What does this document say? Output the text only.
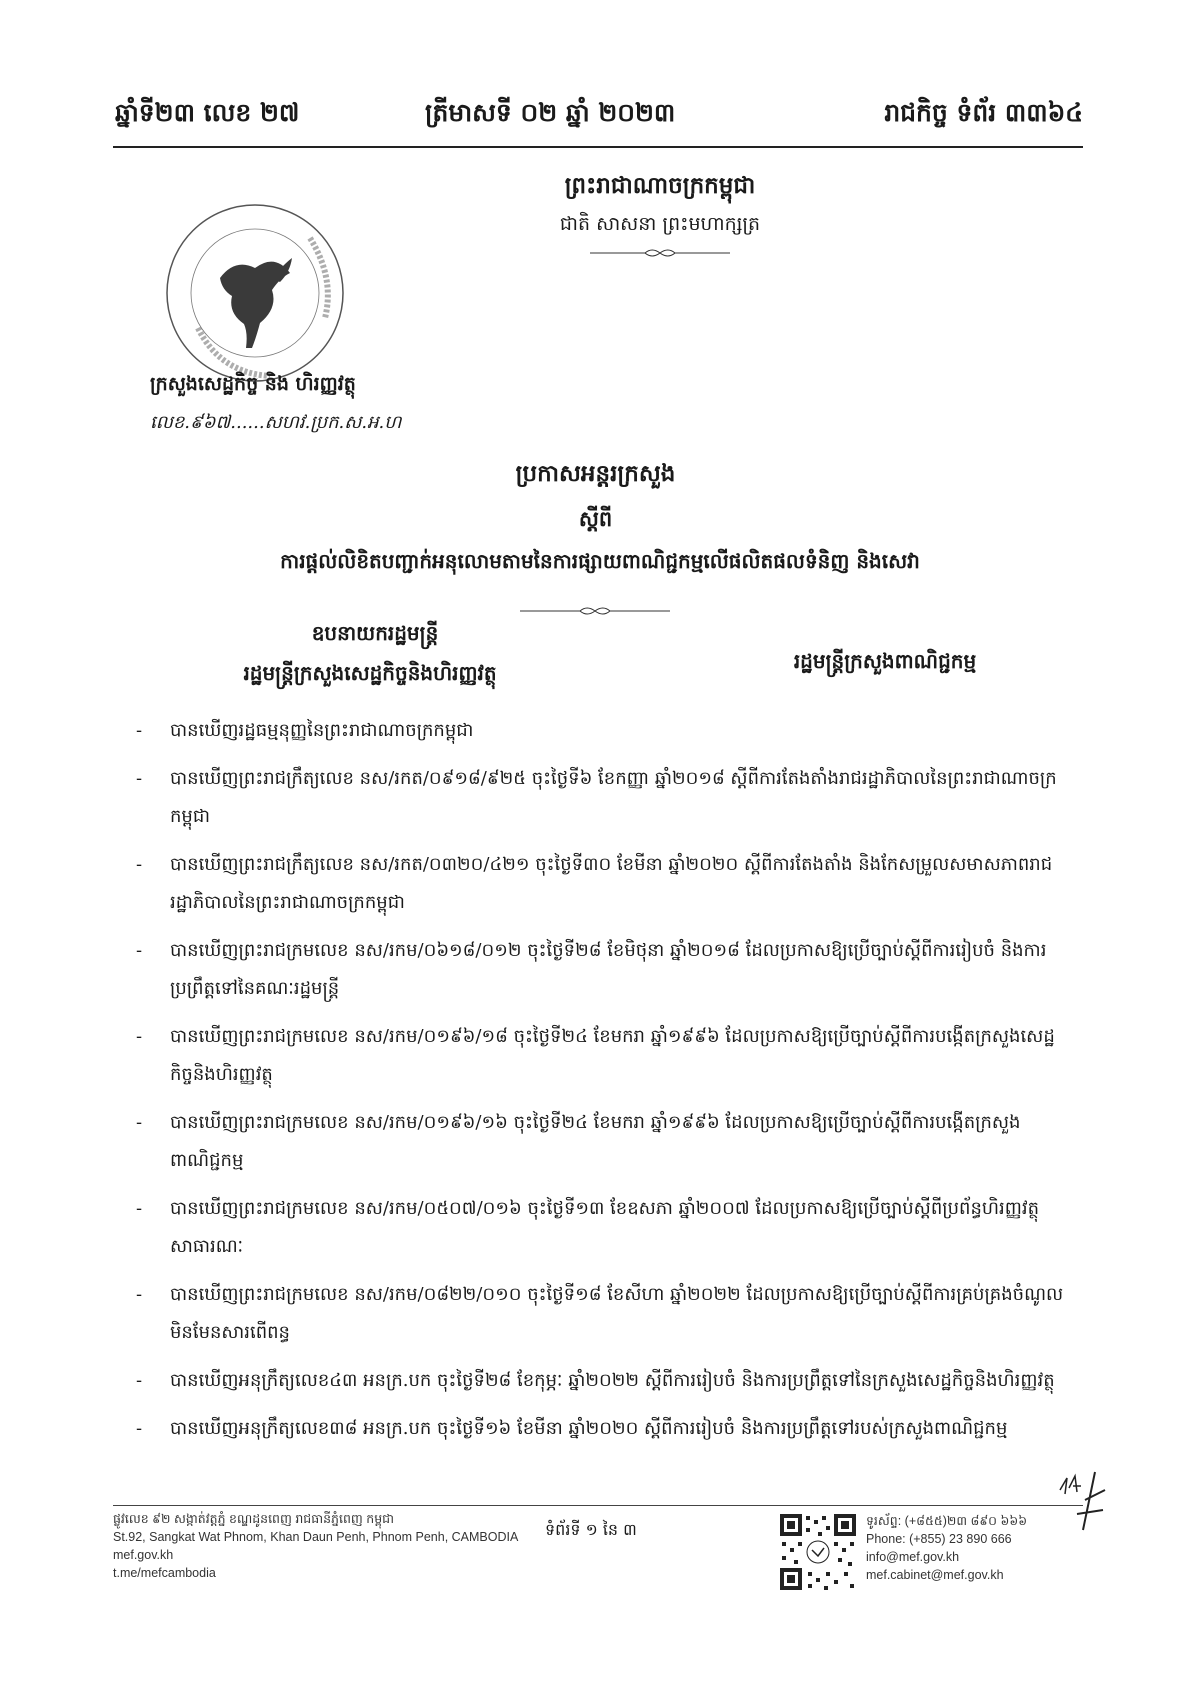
ឆ្នាំទី២៣ លេខ ២៧	ត្រីមាសទី ០២ ឆ្នាំ ២០២៣	រាជកិច្ច ទំព័រ ៣៣៦៤
ព្រះរាជាណាចក្រកម្ពុជា
ជាតិ សាសនា ព្រះមហាក្សត្រ
ក្រសួងសេដ្ឋកិច្ច និង ហិរញ្ញវត្ថុ
លេខ.៩៦៧......សហវ.ប្រក.ស.អ.ហ
ប្រកាសអន្តរក្រសួង
ស្តីពី
ការផ្តល់លិខិតបញ្ជាក់អនុលោមតាមនៃការផ្សាយពាណិជ្ជកម្មលើផលិតផលទំនិញ និងសេវា
ឧបនាយករដ្ឋមន្ត្រី
រដ្ឋមន្ត្រីក្រសួងសេដ្ឋកិច្ចនិងហិរញ្ញវត្ថុ	រដ្ឋមន្ត្រីក្រសួងពាណិជ្ជកម្ម
- បានឃើញរដ្ឋធម្មនុញ្ញនៃព្រះរាជាណាចក្រកម្ពុជា
- បានឃើញព្រះរាជក្រឹត្យលេខ នស/រកត/០៩១៨/៩២៥ ចុះថ្ងៃទី៦ ខែកញ្ញា ឆ្នាំ២០១៨ ស្តីពីការតែងតាំងរាជរដ្ឋាភិបាលនៃព្រះរាជាណាចក្រកម្ពុជា
- បានឃើញព្រះរាជក្រឹត្យលេខ នស/រកត/០៣២០/៤២១ ចុះថ្ងៃទី៣០ ខែមីនា ឆ្នាំ២០២០ ស្តីពីការតែងតាំង និងកែសម្រួលសមាសភាពរាជរដ្ឋាភិបាលនៃព្រះរាជាណាចក្រកម្ពុជា
- បានឃើញព្រះរាជក្រមលេខ នស/រកម/០៦១៨/០១២ ចុះថ្ងៃទី២៨ ខែមិថុនា ឆ្នាំ២០១៨ ដែលប្រកាសឱ្យប្រើច្បាប់ស្តីពីការរៀបចំ និងការប្រព្រឹត្តទៅនៃគណៈរដ្ឋមន្ត្រី
- បានឃើញព្រះរាជក្រមលេខ នស/រកម/០១៩៦/១៨ ចុះថ្ងៃទី២៤ ខែមករា ឆ្នាំ១៩៩៦ ដែលប្រកាសឱ្យប្រើច្បាប់ស្តីពីការបង្កើតក្រសួងសេដ្ឋកិច្ចនិងហិរញ្ញវត្ថុ
- បានឃើញព្រះរាជក្រមលេខ នស/រកម/០១៩៦/១៦ ចុះថ្ងៃទី២៤ ខែមករា ឆ្នាំ១៩៩៦ ដែលប្រកាសឱ្យប្រើច្បាប់ស្តីពីការបង្កើតក្រសួងពាណិជ្ជកម្ម
- បានឃើញព្រះរាជក្រមលេខ នស/រកម/០៥០៧/០១៦ ចុះថ្ងៃទី១៣ ខែឧសភា ឆ្នាំ២០០៧ ដែលប្រកាសឱ្យប្រើច្បាប់ស្តីពីប្រព័ន្ធហិរញ្ញវត្ថុសាធារណៈ
- បានឃើញព្រះរាជក្រមលេខ នស/រកម/០៨២២/០១០ ចុះថ្ងៃទី១៨ ខែសីហា ឆ្នាំ២០២២ ដែលប្រកាសឱ្យប្រើច្បាប់ស្តីពីការគ្រប់គ្រងចំណូលមិនមែនសារពើពន្ធ
- បានឃើញអនុក្រឹត្យលេខ៤៣ អនក្រ.បក ចុះថ្ងៃទី២៨ ខែកុម្ភៈ ឆ្នាំ២០២២ ស្តីពីការរៀបចំ និងការប្រព្រឹត្តទៅនៃក្រសួងសេដ្ឋកិច្ចនិងហិរញ្ញវត្ថុ
- បានឃើញអនុក្រឹត្យលេខ៣៨ អនក្រ.បក ចុះថ្ងៃទី១៦ ខែមីនា ឆ្នាំ២០២០ ស្តីពីការរៀបចំ និងការប្រព្រឹត្តទៅរបស់ក្រសួងពាណិជ្ជកម្ម
ផ្លូវលេខ ៩២ សង្កាត់វត្តភ្នំ ខណ្ឌដូនពេញ រាជធានីភ្នំពេញ កម្ពុជា
St.92, Sangkat Wat Phnom, Khan Daun Penh, Phnom Penh, CAMBODIA
mef.gov.kh
t.me/mefcambodia
ទំព័រទី ១ នៃ ៣	ទូរស័ព្ទ: (+៨៥៥)២៣ ៨៩០ ៦៦៦
Phone: (+855) 23 890 666
info@mef.gov.kh
mef.cabinet@mef.gov.kh
